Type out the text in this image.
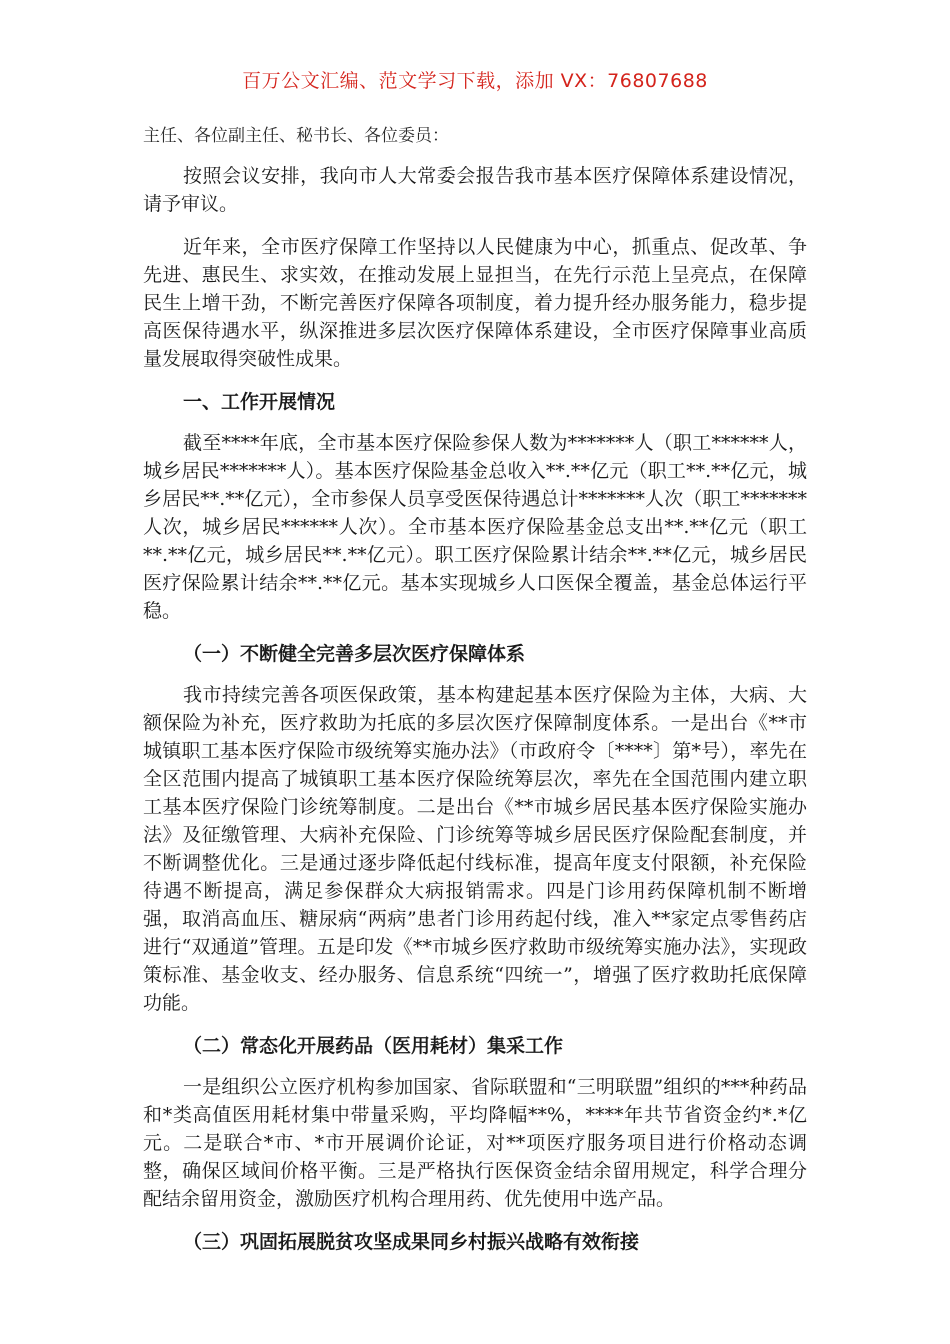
百万公文汇编、范文学习下载，添加 VX：76807688

主任、各位副主任、秘书长、各位委员：

按照会议安排，我向市人大常委会报告我市基本医疗保障体系建设情况，请予审议。

近年来，全市医疗保障工作坚持以人民健康为中心，抓重点、促改革、争先进、惠民生、求实效，在推动发展上显担当，在先行示范上呈亮点，在保障民生上增干劲，不断完善医疗保障各项制度，着力提升经办服务能力，稳步提高医保待遇水平，纵深推进多层次医疗保障体系建设，全市医疗保障事业高质量发展取得突破性成果。

一、工作开展情况

截至****年底，全市基本医疗保险参保人数为*******人（职工******人，城乡居民*******人）。基本医疗保险基金总收入**.**亿元（职工**.**亿元，城乡居民**.**亿元），全市参保人员享受医保待遇总计*******人次（职工*******人次，城乡居民******人次）。全市基本医疗保险基金总支出**.**亿元（职工**.**亿元，城乡居民**.**亿元）。职工医疗保险累计结余**.**亿元，城乡居民医疗保险累计结余**.**亿元。基本实现城乡人口医保全覆盖，基金总体运行平稳。

（一）不断健全完善多层次医疗保障体系

我市持续完善各项医保政策，基本构建起基本医疗保险为主体，大病、大额保险为补充，医疗救助为托底的多层次医疗保障制度体系。一是出台《**市城镇职工基本医疗保险市级统筹实施办法》（市政府令〔****〕第*号），率先在全区范围内提高了城镇职工基本医疗保险统筹层次，率先在全国范围内建立职工基本医疗保险门诊统筹制度。二是出台《**市城乡居民基本医疗保险实施办法》及征缴管理、大病补充保险、门诊统筹等城乡居民医疗保险配套制度，并不断调整优化。三是通过逐步降低起付线标准，提高年度支付限额，补充保险待遇不断提高，满足参保群众大病报销需求。四是门诊用药保障机制不断增强，取消高血压、糖尿病“两病”患者门诊用药起付线，准入**家定点零售药店进行“双通道”管理。五是印发《**市城乡医疗救助市级统筹实施办法》，实现政策标准、基金收支、经办服务、信息系统“四统一”，增强了医疗救助托底保障功能。

（二）常态化开展药品（医用耗材）集采工作

一是组织公立医疗机构参加国家、省际联盟和“三明联盟”组织的***种药品和*类高值医用耗材集中带量采购，平均降幅**%，****年共节省资金约*.*亿元。二是联合*市、*市开展调价论证，对**项医疗服务项目进行价格动态调整，确保区域间价格平衡。三是严格执行医保资金结余留用规定，科学合理分配结余留用资金，激励医疗机构合理用药、优先使用中选产品。

（三）巩固拓展脱贫攻坚成果同乡村振兴战略有效衔接
